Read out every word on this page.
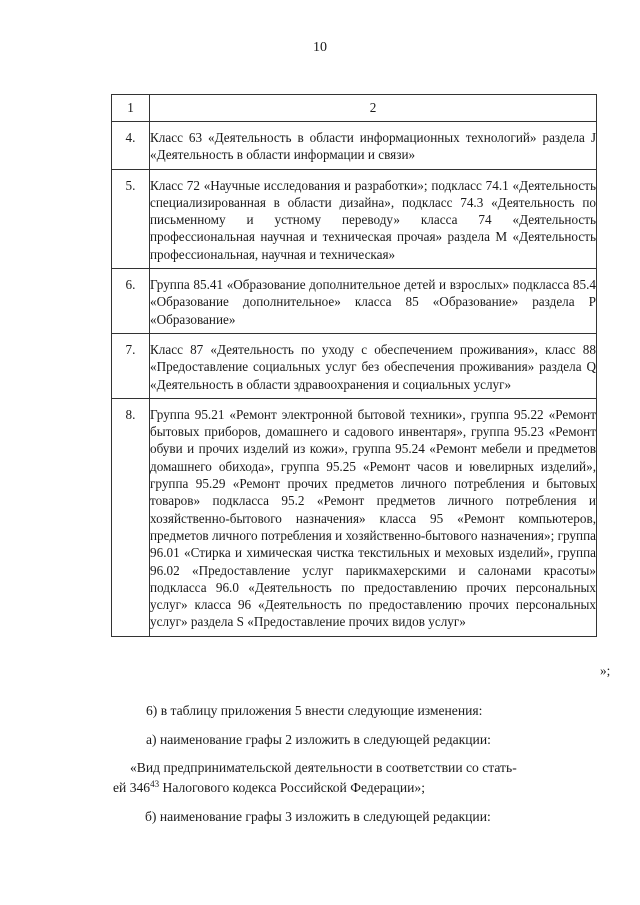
10
1	2
4.	Класс 63 «Деятельность в области информационных технологий» раздела J «Деятельность в области информации и связи»
5.	Класс 72 «Научные исследования и разработки»; подкласс 74.1 «Деятельность специализированная в области дизайна», подкласс 74.3 «Деятельность по письменному и устному переводу» класса 74 «Деятельность профессиональная научная и техническая прочая» раздела M «Деятельность профессиональная, научная и техническая»
6.	Группа 85.41 «Образование дополнительное детей и взрослых» подкласса 85.4 «Образование дополнительное» класса 85 «Образование» раздела P «Образование»
7.	Класс 87 «Деятельность по уходу с обеспечением проживания», класс 88 «Предоставление социальных услуг без обеспечения проживания» раздела Q «Деятельность в области здравоохранения и социальных услуг»
8.	Группа 95.21 «Ремонт электронной бытовой техники», группа 95.22 «Ремонт бытовых приборов, домашнего и садового инвентаря», группа 95.23 «Ремонт обуви и прочих изделий из кожи», группа 95.24 «Ремонт мебели и предметов домашнего обихода», группа 95.25 «Ремонт часов и ювелирных изделий», группа 95.29 «Ремонт прочих предметов личного потребления и бытовых товаров» подкласса 95.2 «Ремонт предметов личного потребления и хозяйственно-бытового назначения» класса 95 «Ремонт компьютеров, предметов личного потребления и хозяйственно-бытового назначения»; группа 96.01 «Стирка и химическая чистка текстильных и меховых изделий», группа 96.02 «Предоставление услуг парикмахерскими и салонами красоты» подкласса 96.0 «Деятельность по предоставлению прочих персональных услуг» класса 96 «Деятельность по предоставлению прочих персональных услуг» раздела S «Предоставление прочих видов услуг»
»;
6) в таблицу приложения 5 внести следующие изменения:
а) наименование графы 2 изложить в следующей редакции:
«Вид предпринимательской деятельности в соответствии со стать-
ей $346^{43}$ Налогового кодекса Российской Федерации»;
б) наименование графы 3 изложить в следующей редакции:
